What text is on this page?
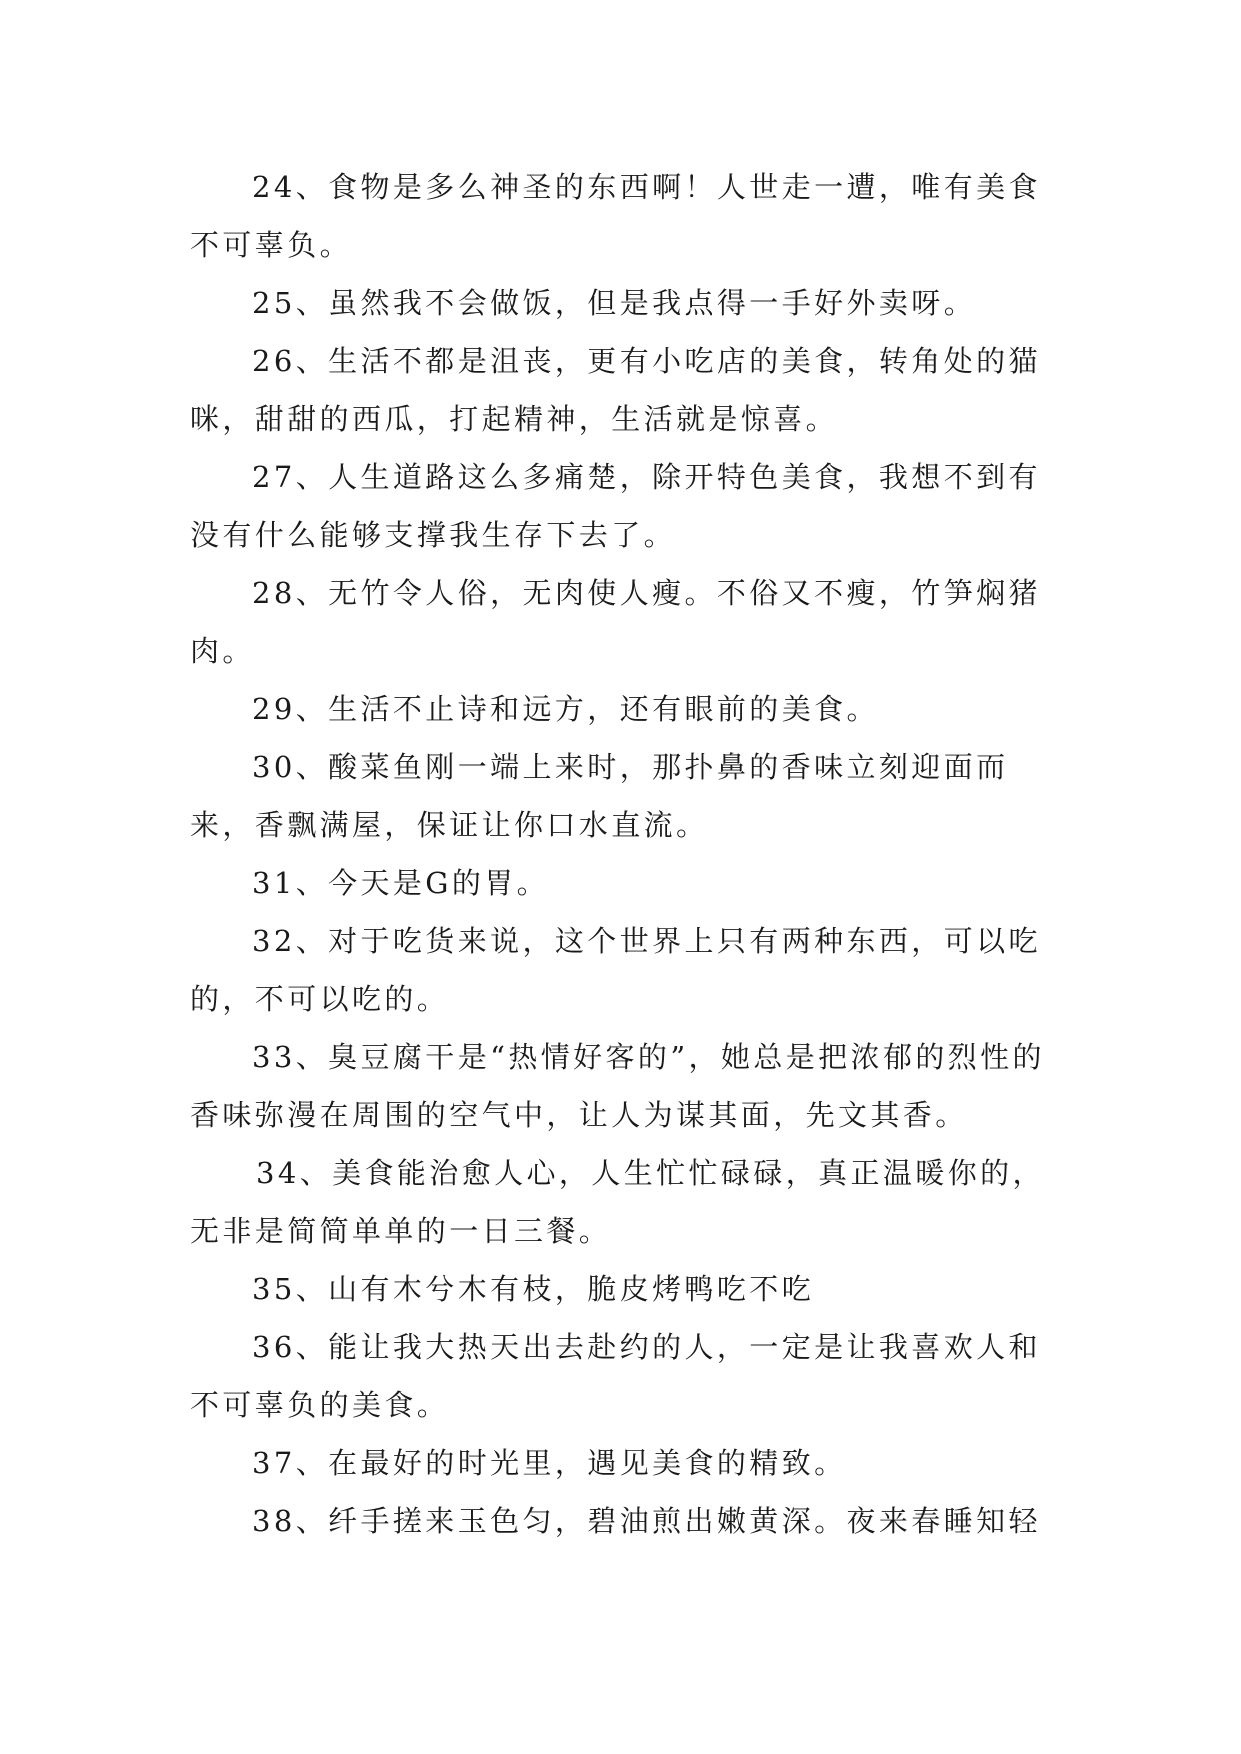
24、食物是多么神圣的东西啊！人世走一遭，唯有美食不可辜负。

25、虽然我不会做饭，但是我点得一手好外卖呀。

26、生活不都是沮丧，更有小吃店的美食，转角处的猫咪，甜甜的西瓜，打起精神，生活就是惊喜。

27、人生道路这么多痛楚，除开特色美食，我想不到有没有什么能够支撑我生存下去了。

28、无竹令人俗，无肉使人瘦。不俗又不瘦，竹笋焖猪肉。

29、生活不止诗和远方，还有眼前的美食。

30、酸菜鱼刚一端上来时，那扑鼻的香味立刻迎面而来，香飘满屋，保证让你口水直流。

31、今天是G的胃。

32、对于吃货来说，这个世界上只有两种东西，可以吃的，不可以吃的。

33、臭豆腐干是“热情好客的”，她总是把浓郁的烈性的香味弥漫在周围的空气中，让人为谋其面，先文其香。

34、美食能治愈人心，人生忙忙碌碌，真正温暖你的，无非是简简单单的一日三餐。

35、山有木兮木有枝，脆皮烤鸭吃不吃

36、能让我大热天出去赴约的人，一定是让我喜欢人和不可辜负的美食。

37、在最好的时光里，遇见美食的精致。

38、纤手搓来玉色匀，碧油煎出嫩黄深。夜来春睡知轻
